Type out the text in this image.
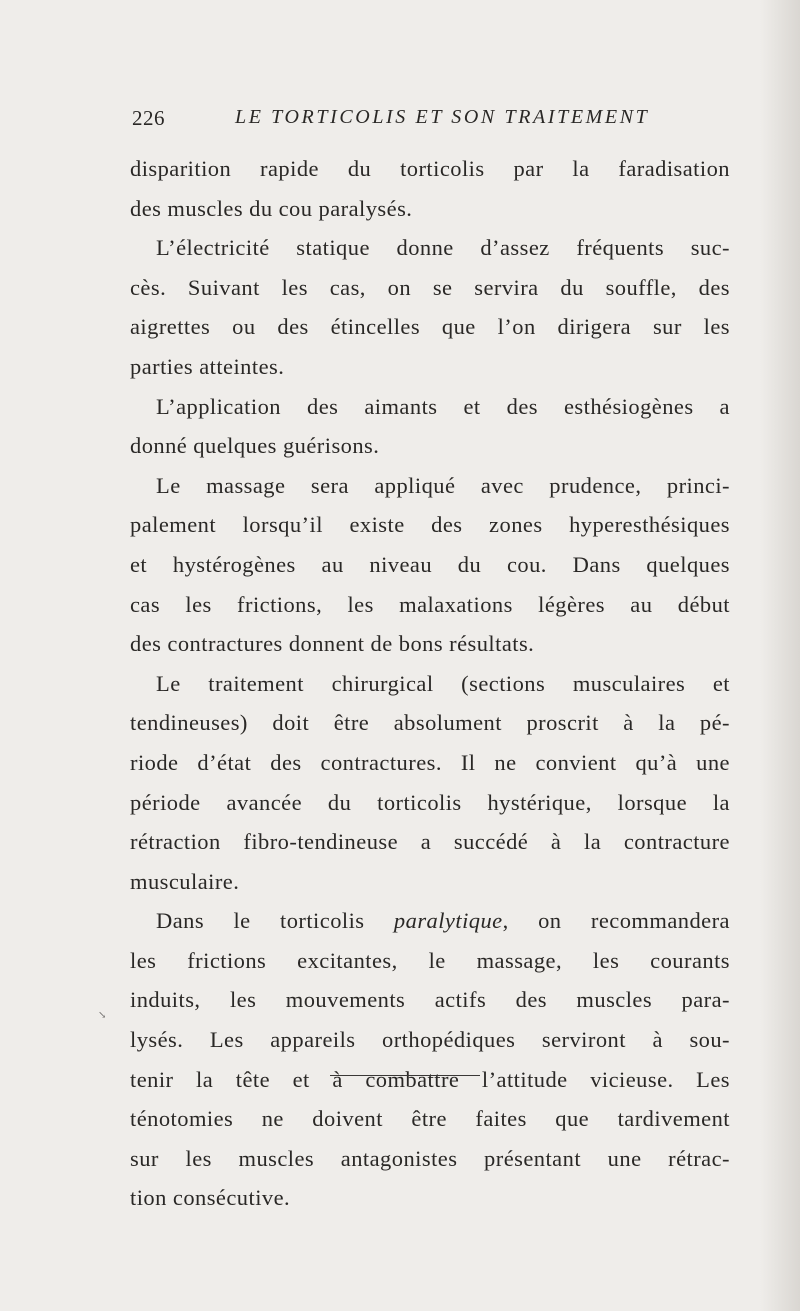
226	LE TORTICOLIS ET SON TRAITEMENT
disparition rapide du torticolis par la faradisation
des muscles du cou paralysés.
L’électricité statique donne d’assez fréquents suc-
cès. Suivant les cas, on se servira du souffle, des
aigrettes ou des étincelles que l’on dirigera sur les
parties atteintes.
L’application des aimants et des esthésiogènes a
donné quelques guérisons.
Le massage sera appliqué avec prudence, princi-
palement lorsqu’il existe des zones hyperesthésiques
et hystérogènes au niveau du cou. Dans quelques
cas les frictions, les malaxations légères au début
des contractures donnent de bons résultats.
Le traitement chirurgical (sections musculaires et
tendineuses) doit être absolument proscrit à la pé-
riode d’état des contractures. Il ne convient qu’à une
période avancée du torticolis hystérique, lorsque la
rétraction fibro-tendineuse a succédé à la contracture
musculaire.
Dans le torticolis paralytique, on recommandera
les frictions excitantes, le massage, les courants
induits, les mouvements actifs des muscles para-
lysés. Les appareils orthopédiques serviront à sou-
tenir la tête et à combattre l’attitude vicieuse. Les
ténotomies ne doivent être faites que tardivement
sur les muscles antagonistes présentant une rétrac-
tion consécutive.
↘
